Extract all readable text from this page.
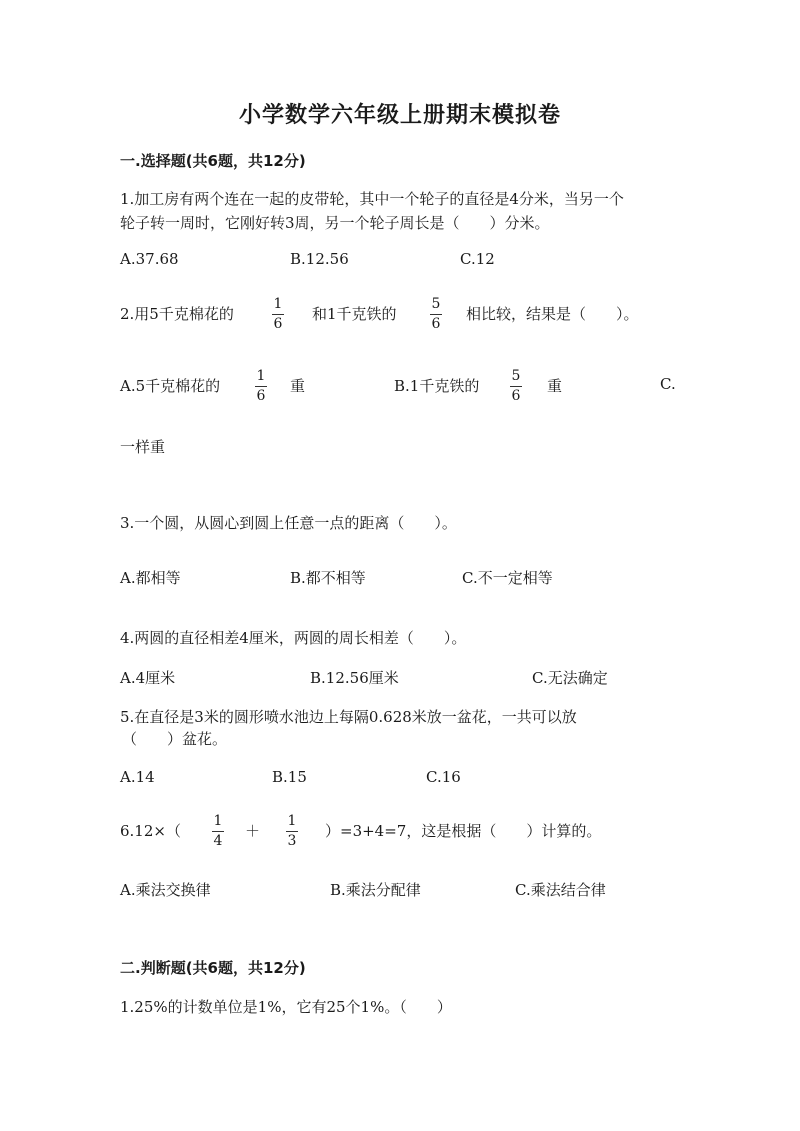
小学数学六年级上册期末模拟卷
一.选择题(共6题，共12分)
1.加工房有两个连在一起的皮带轮，其中一个轮子的直径是4分米，当另一个
轮子转一周时，它刚好转3周，另一个轮子周长是（　　）分米。
A.37.68	B.12.56	C.12
2.用5千克棉花的
1
6
和1千克铁的
5
6
相比较，结果是（　　）。
A.5千克棉花的
1
6
重	B.1千克铁的
5
6
重	C.
一样重
3.一个圆，从圆心到圆上任意一点的距离（　　）。
A.都相等	B.都不相等	C.不一定相等
4.两圆的直径相差4厘米，两圆的周长相差（　　）。
A.4厘米	B.12.56厘米	C.无法确定
5.在直径是3米的圆形喷水池边上每隔0.628米放一盆花，一共可以放
（　　）盆花。
A.14	B.15	C.16
6.12×（
1
4
＋
1
3
）=3+4=7，这是根据（　　）计算的。
A.乘法交换律	B.乘法分配律	C.乘法结合律
二.判断题(共6题，共12分)
1.25%的计数单位是1%，它有25个1%。（　　）
